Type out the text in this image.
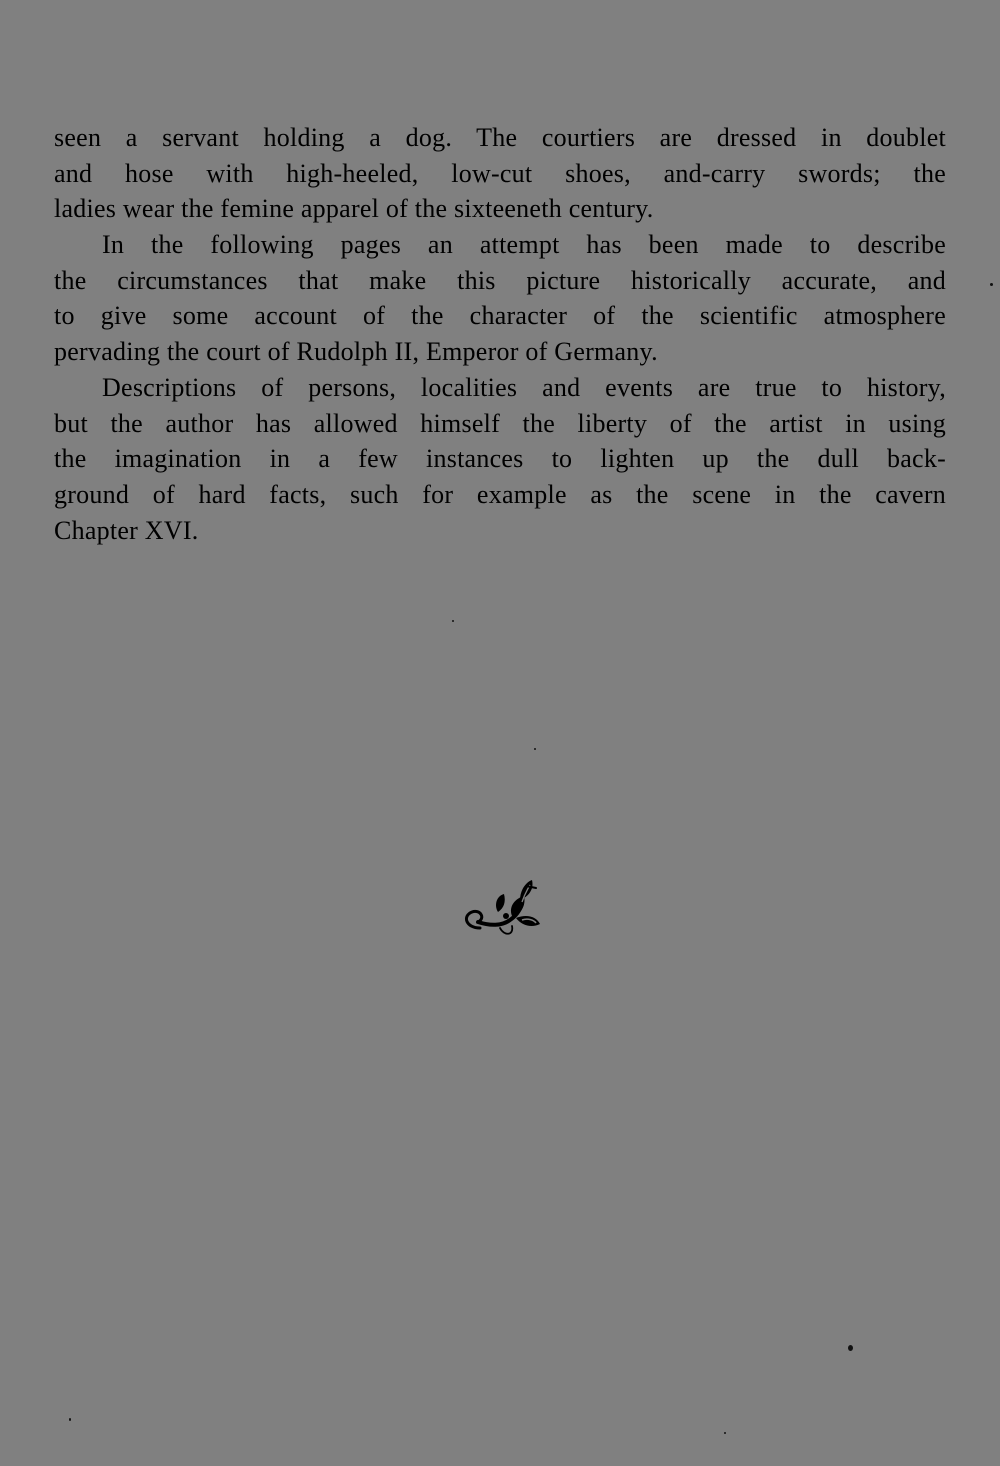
seen a servant holding a dog. The courtiers are dressed in doublet
and hose with high-heeled, low-cut shoes, and-carry swords; the
ladies wear the femine apparel of the sixteeneth century.
In the following pages an attempt has been made to describe
the circumstances that make this picture historically accurate, and
to give some account of the character of the scientific atmosphere
pervading the court of Rudolph II, Emperor of Germany.
Descriptions of persons, localities and events are true to history,
but the author has allowed himself the liberty of the artist in using
the imagination in a few instances to lighten up the dull back-
ground of hard facts, such for example as the scene in the cavern
Chapter XVI.
